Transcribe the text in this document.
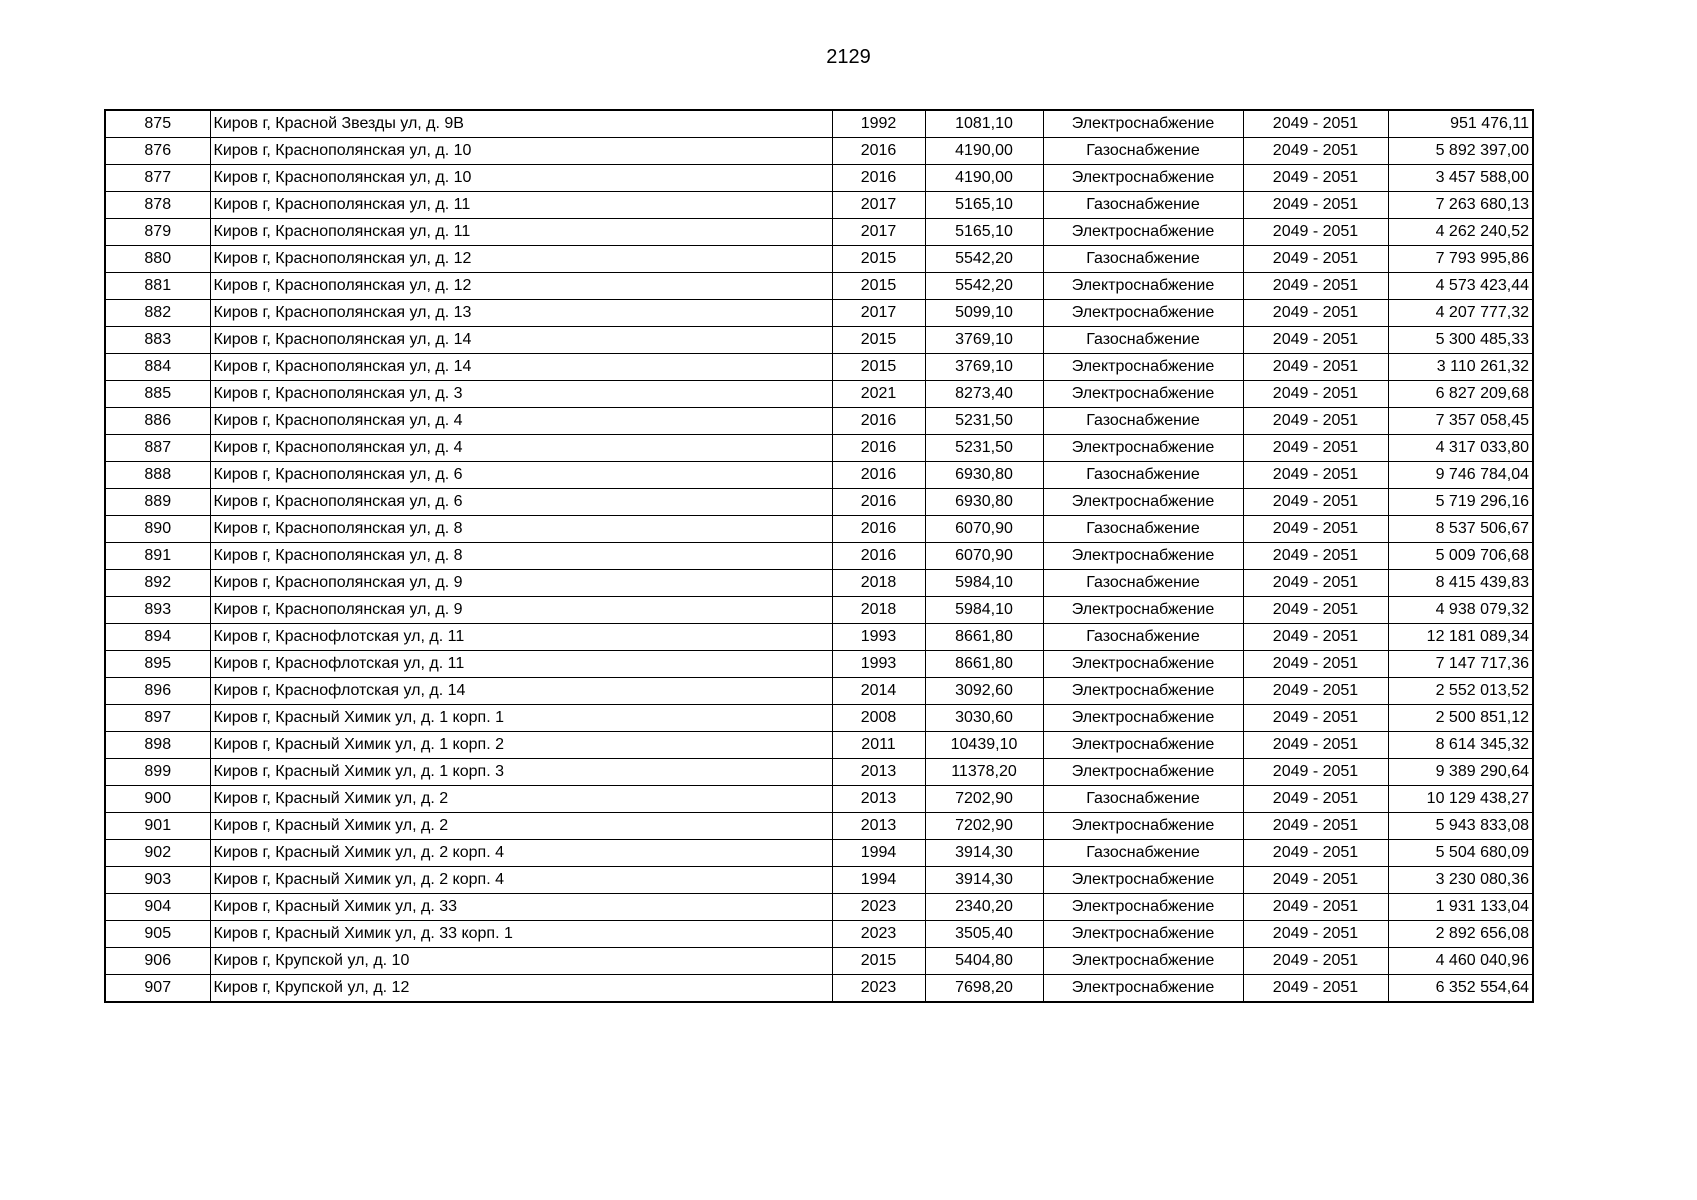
2129
875	Киров г, Красной Звезды ул, д. 9В	1992	1081,10	Электроснабжение	2049 - 2051	951 476,11
876	Киров г, Краснополянская ул, д. 10	2016	4190,00	Газоснабжение	2049 - 2051	5 892 397,00
877	Киров г, Краснополянская ул, д. 10	2016	4190,00	Электроснабжение	2049 - 2051	3 457 588,00
878	Киров г, Краснополянская ул, д. 11	2017	5165,10	Газоснабжение	2049 - 2051	7 263 680,13
879	Киров г, Краснополянская ул, д. 11	2017	5165,10	Электроснабжение	2049 - 2051	4 262 240,52
880	Киров г, Краснополянская ул, д. 12	2015	5542,20	Газоснабжение	2049 - 2051	7 793 995,86
881	Киров г, Краснополянская ул, д. 12	2015	5542,20	Электроснабжение	2049 - 2051	4 573 423,44
882	Киров г, Краснополянская ул, д. 13	2017	5099,10	Электроснабжение	2049 - 2051	4 207 777,32
883	Киров г, Краснополянская ул, д. 14	2015	3769,10	Газоснабжение	2049 - 2051	5 300 485,33
884	Киров г, Краснополянская ул, д. 14	2015	3769,10	Электроснабжение	2049 - 2051	3 110 261,32
885	Киров г, Краснополянская ул, д. 3	2021	8273,40	Электроснабжение	2049 - 2051	6 827 209,68
886	Киров г, Краснополянская ул, д. 4	2016	5231,50	Газоснабжение	2049 - 2051	7 357 058,45
887	Киров г, Краснополянская ул, д. 4	2016	5231,50	Электроснабжение	2049 - 2051	4 317 033,80
888	Киров г, Краснополянская ул, д. 6	2016	6930,80	Газоснабжение	2049 - 2051	9 746 784,04
889	Киров г, Краснополянская ул, д. 6	2016	6930,80	Электроснабжение	2049 - 2051	5 719 296,16
890	Киров г, Краснополянская ул, д. 8	2016	6070,90	Газоснабжение	2049 - 2051	8 537 506,67
891	Киров г, Краснополянская ул, д. 8	2016	6070,90	Электроснабжение	2049 - 2051	5 009 706,68
892	Киров г, Краснополянская ул, д. 9	2018	5984,10	Газоснабжение	2049 - 2051	8 415 439,83
893	Киров г, Краснополянская ул, д. 9	2018	5984,10	Электроснабжение	2049 - 2051	4 938 079,32
894	Киров г, Краснофлотская ул, д. 11	1993	8661,80	Газоснабжение	2049 - 2051	12 181 089,34
895	Киров г, Краснофлотская ул, д. 11	1993	8661,80	Электроснабжение	2049 - 2051	7 147 717,36
896	Киров г, Краснофлотская ул, д. 14	2014	3092,60	Электроснабжение	2049 - 2051	2 552 013,52
897	Киров г, Красный Химик ул, д. 1 корп. 1	2008	3030,60	Электроснабжение	2049 - 2051	2 500 851,12
898	Киров г, Красный Химик ул, д. 1 корп. 2	2011	10439,10	Электроснабжение	2049 - 2051	8 614 345,32
899	Киров г, Красный Химик ул, д. 1 корп. 3	2013	11378,20	Электроснабжение	2049 - 2051	9 389 290,64
900	Киров г, Красный Химик ул, д. 2	2013	7202,90	Газоснабжение	2049 - 2051	10 129 438,27
901	Киров г, Красный Химик ул, д. 2	2013	7202,90	Электроснабжение	2049 - 2051	5 943 833,08
902	Киров г, Красный Химик ул, д. 2 корп. 4	1994	3914,30	Газоснабжение	2049 - 2051	5 504 680,09
903	Киров г, Красный Химик ул, д. 2 корп. 4	1994	3914,30	Электроснабжение	2049 - 2051	3 230 080,36
904	Киров г, Красный Химик ул, д. 33	2023	2340,20	Электроснабжение	2049 - 2051	1 931 133,04
905	Киров г, Красный Химик ул, д. 33 корп. 1	2023	3505,40	Электроснабжение	2049 - 2051	2 892 656,08
906	Киров г, Крупской ул, д. 10	2015	5404,80	Электроснабжение	2049 - 2051	4 460 040,96
907	Киров г, Крупской ул, д. 12	2023	7698,20	Электроснабжение	2049 - 2051	6 352 554,64
